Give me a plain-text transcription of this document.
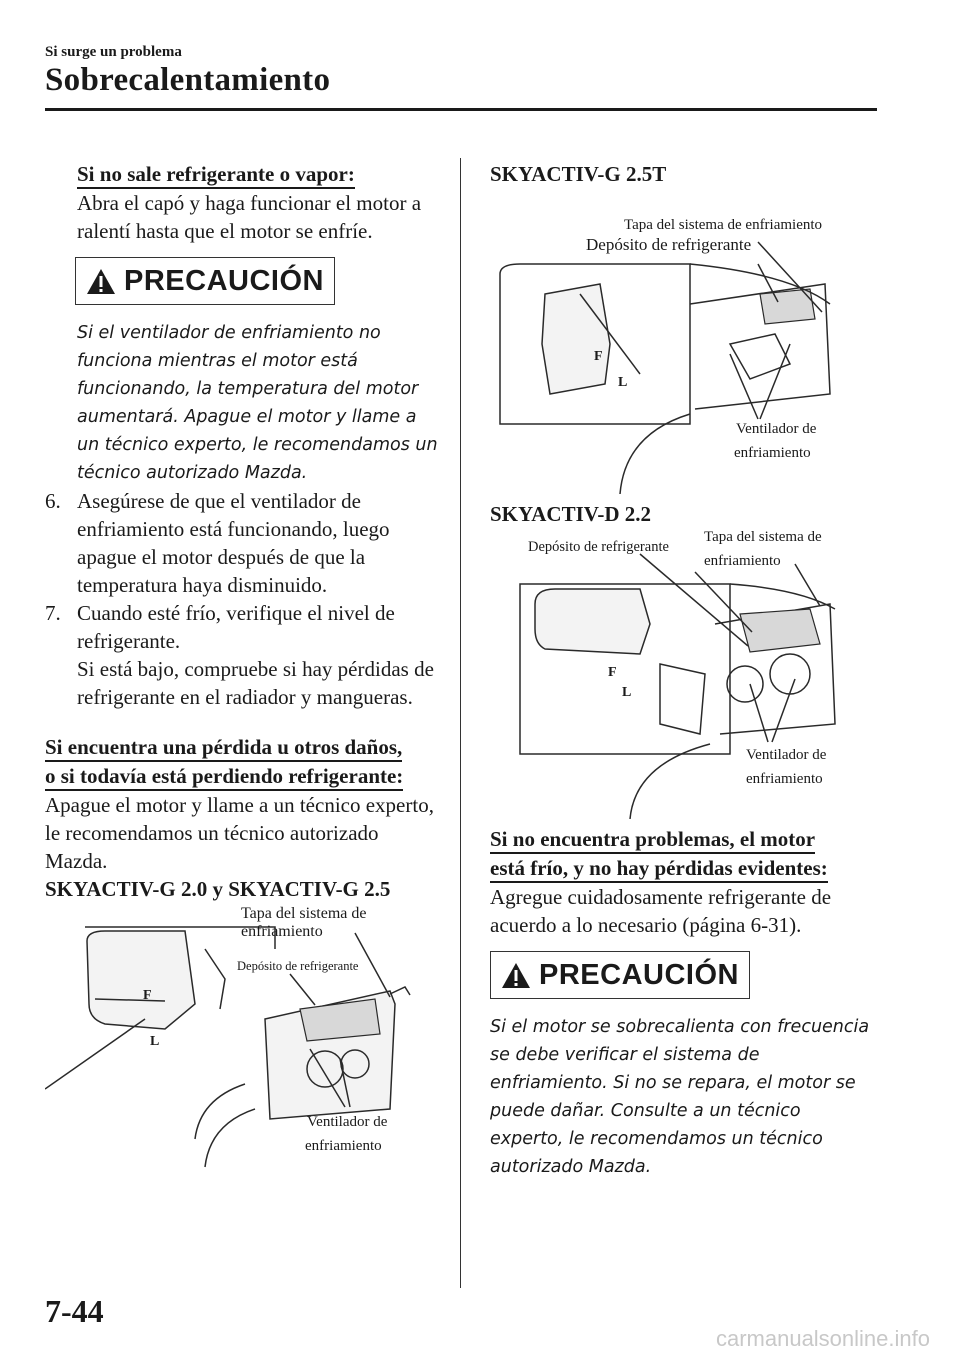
Si surge un problema
Sobrecalentamiento
Si no sale refrigerante o vapor:
Abra el capó y haga funcionar el motor a ralentí hasta que el motor se enfríe.
PRECAUCIÓN
Si el ventilador de enfriamiento no funciona mientras el motor está funcionando, la temperatura del motor aumentará. Apague el motor y llame a un técnico experto, le recomendamos un técnico autorizado Mazda.
6. Asegúrese de que el ventilador de enfriamiento está funcionando, luego apague el motor después de que la temperatura haya disminuido.
7. Cuando esté frío, verifique el nivel de refrigerante.
Si está bajo, compruebe si hay pérdidas de refrigerante en el radiador y mangueras.
Si encuentra una pérdida u otros daños,
o si todavía está perdiendo refrigerante:
Apague el motor y llame a un técnico experto, le recomendamos un técnico autorizado Mazda.
SKYACTIV-G 2.0 y SKYACTIV-G 2.5
L
F
Tapa del sistema de enfriamiento
Depósito de refrigerante
Ventilador de
enfriamiento
SKYACTIV-G 2.5T
F
L
Tapa del sistema de enfriamiento
Depósito de refrigerante
Ventilador de
enfriamiento
SKYACTIV-D 2.2
F
L
Depósito de refrigerante
Tapa del sistema de
enfriamiento
Ventilador de
enfriamiento
Si no encuentra problemas, el motor
está frío, y no hay pérdidas evidentes:
Agregue cuidadosamente refrigerante de acuerdo a lo necesario (página 6-31).
PRECAUCIÓN
Si el motor se sobrecalienta con frecuencia se debe verificar el sistema de enfriamiento. Si no se repara, el motor se puede dañar. Consulte a un técnico experto, le recomendamos un técnico autorizado Mazda.
7-44
carmanualsonline.info
